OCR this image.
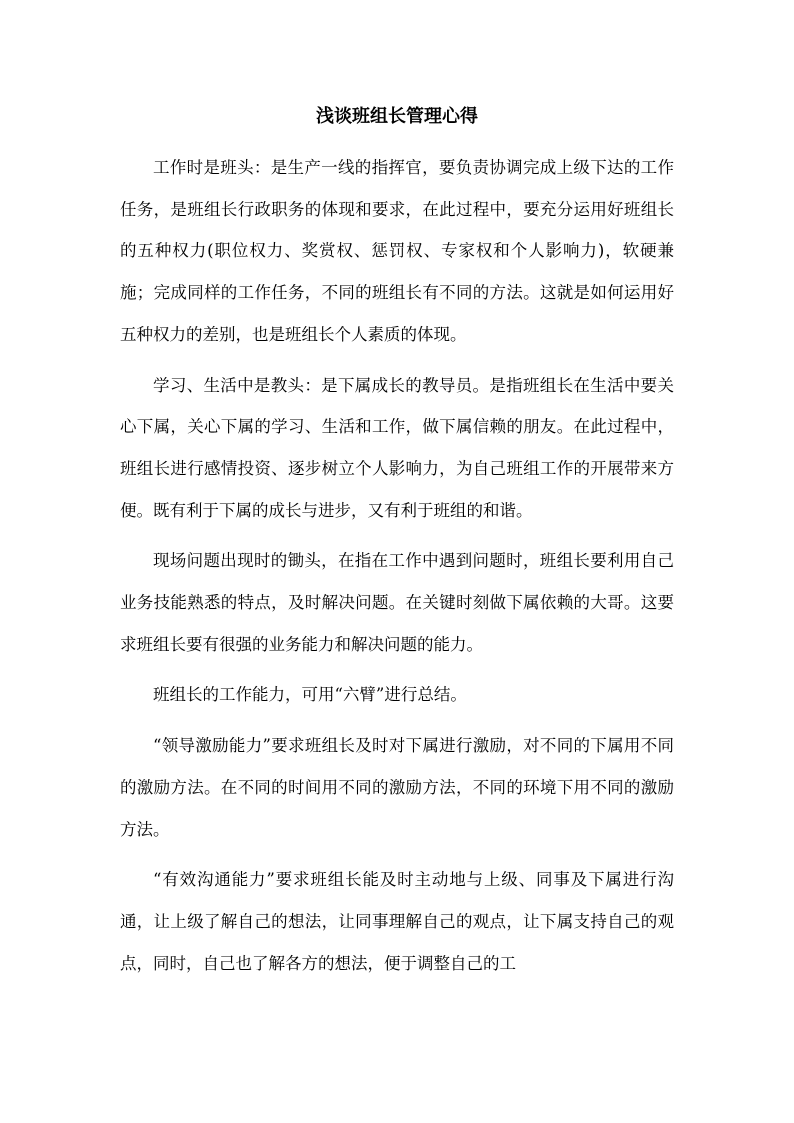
浅谈班组长管理心得

工作时是班头：是生产一线的指挥官，要负责协调完成上级下达的工作任务，是班组长行政职务的体现和要求，在此过程中，要充分运用好班组长的五种权力(职位权力、奖赏权、惩罚权、专家权和个人影响力)，软硬兼施；完成同样的工作任务，不同的班组长有不同的方法。这就是如何运用好五种权力的差别，也是班组长个人素质的体现。

学习、生活中是教头：是下属成长的教导员。是指班组长在生活中要关心下属，关心下属的学习、生活和工作，做下属信赖的朋友。在此过程中，班组长进行感情投资、逐步树立个人影响力，为自己班组工作的开展带来方便。既有利于下属的成长与进步，又有利于班组的和谐。

现场问题出现时的锄头，在指在工作中遇到问题时，班组长要利用自己业务技能熟悉的特点，及时解决问题。在关键时刻做下属依赖的大哥。这要求班组长要有很强的业务能力和解决问题的能力。

班组长的工作能力，可用“六臂”进行总结。

“领导激励能力”要求班组长及时对下属进行激励，对不同的下属用不同的激励方法。在不同的时间用不同的激励方法，不同的环境下用不同的激励方法。

“有效沟通能力”要求班组长能及时主动地与上级、同事及下属进行沟通，让上级了解自己的想法，让同事理解自己的观点，让下属支持自己的观点，同时，自己也了解各方的想法，便于调整自己的工
